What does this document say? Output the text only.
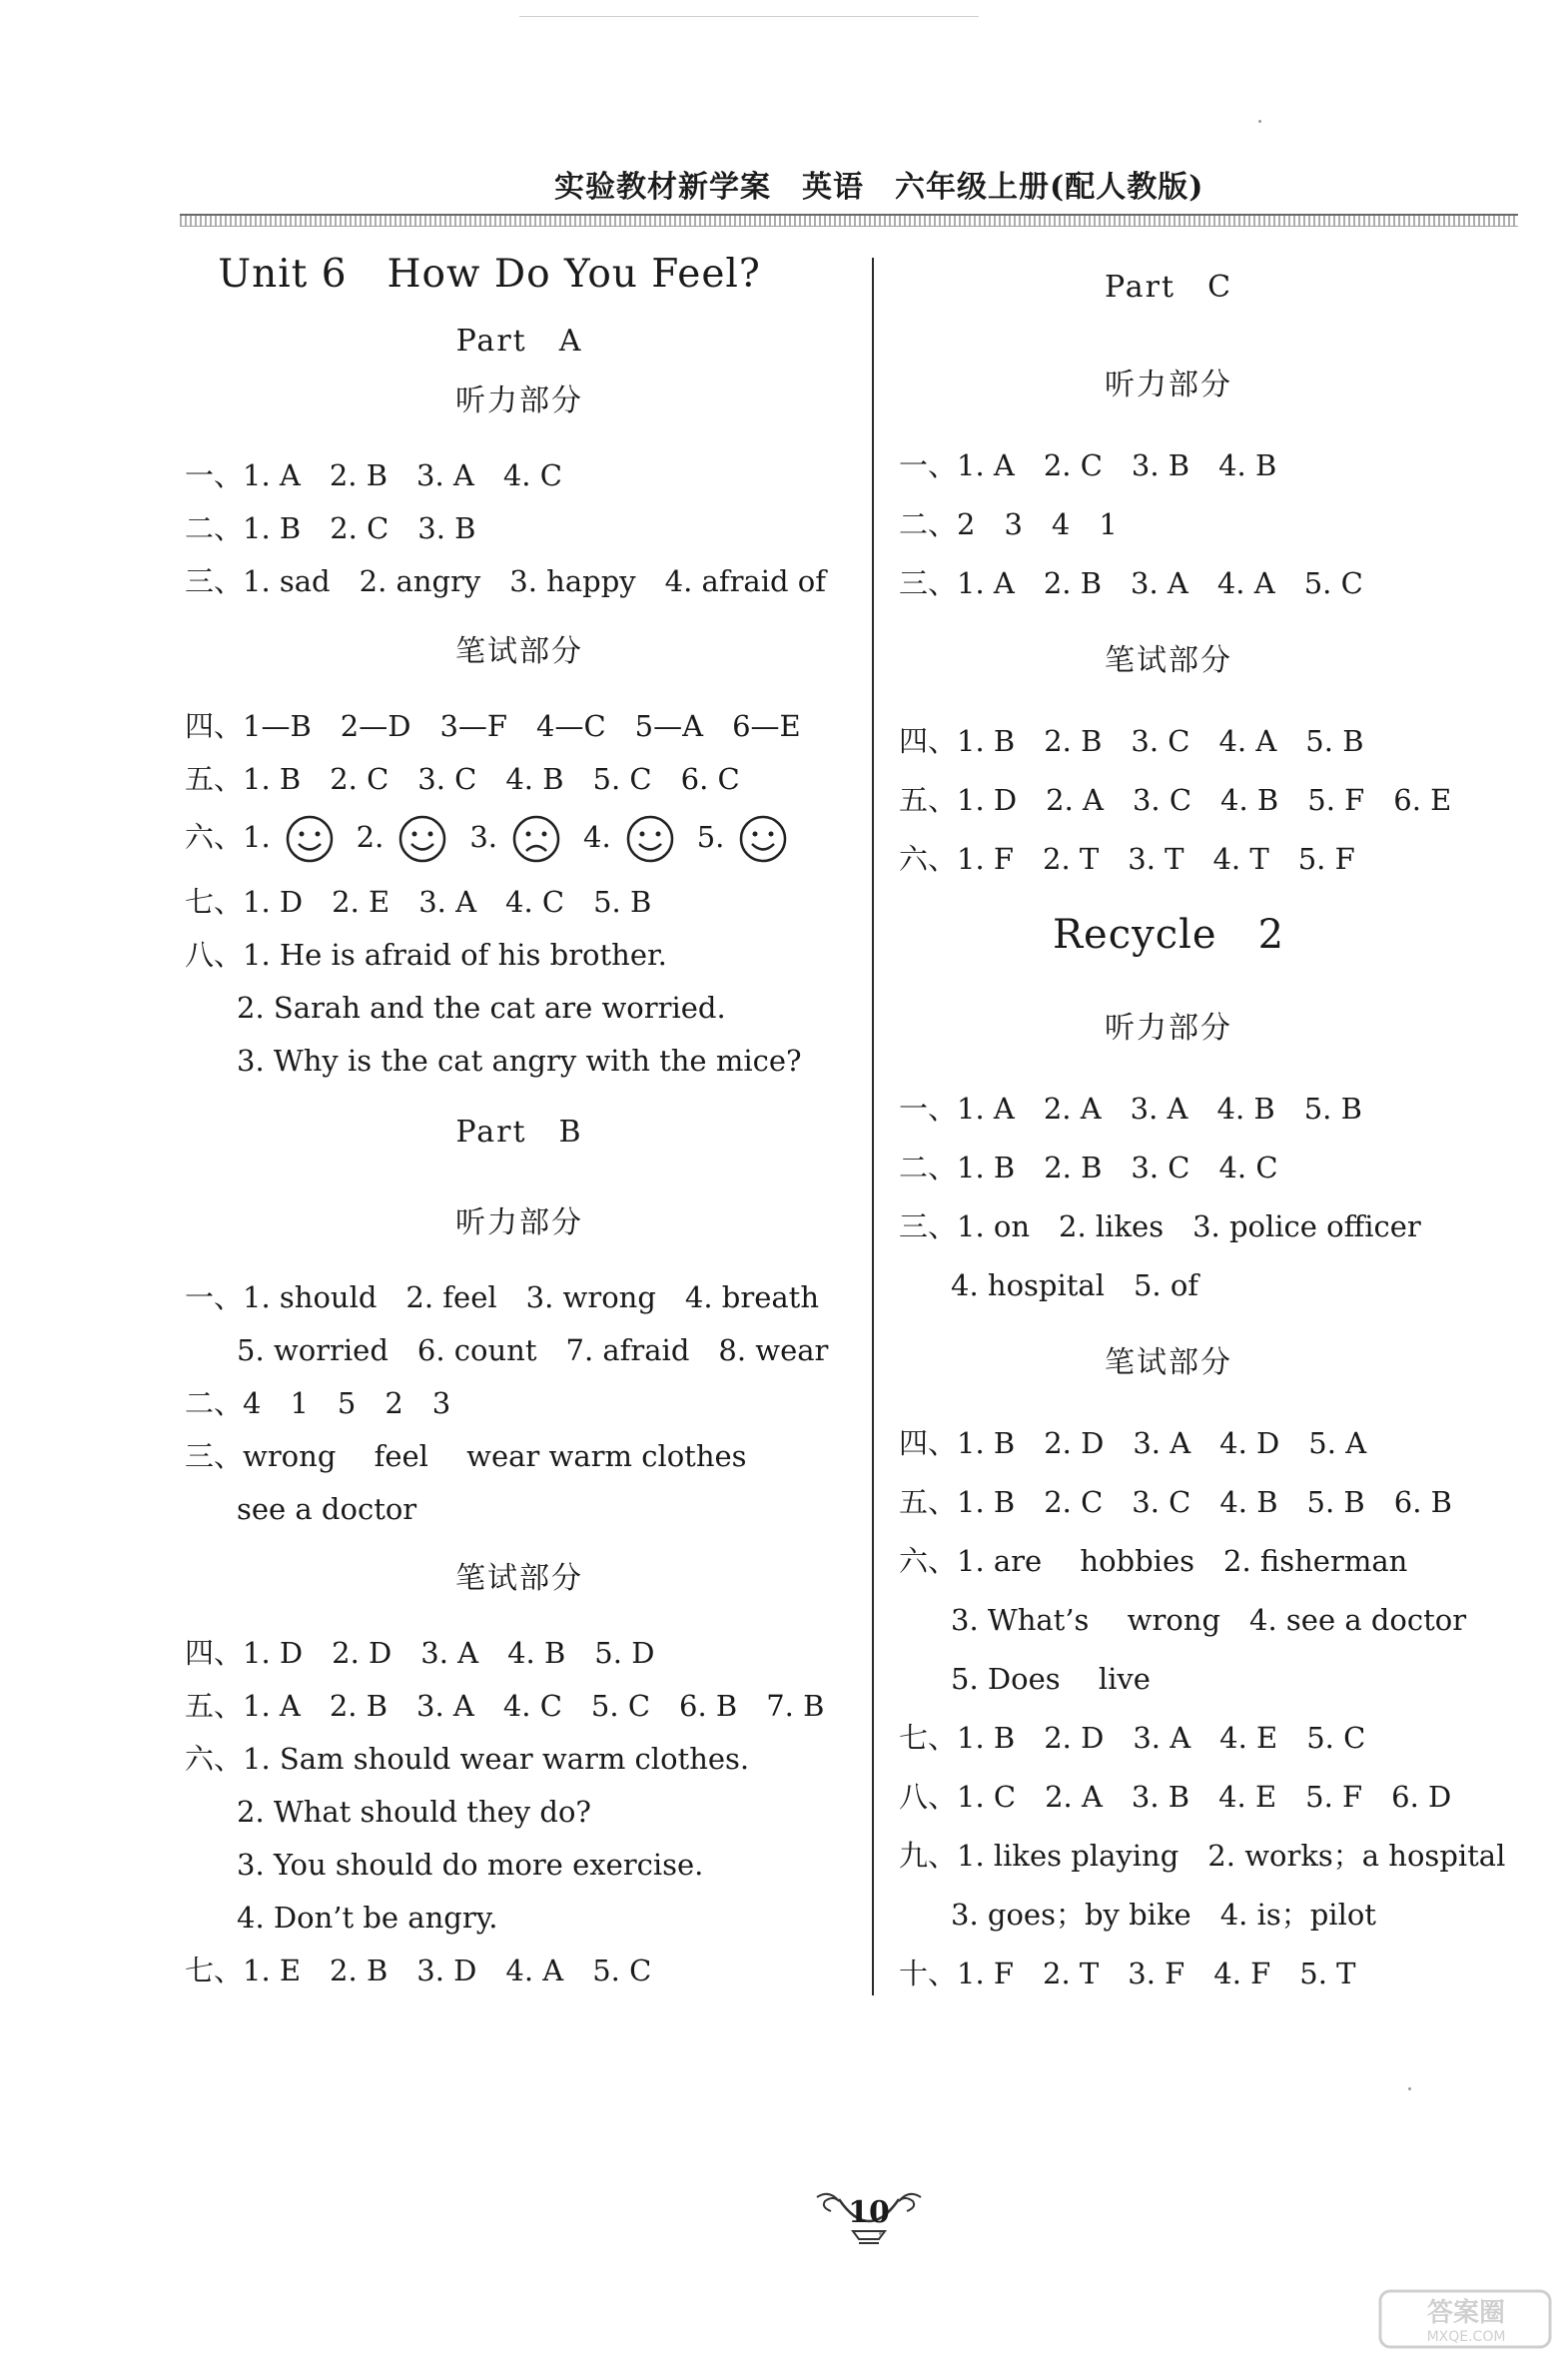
实验教材新学案　英语　六年级上册(配人教版)
Unit 6　How Do You Feel?
Part　A
听力部分
一、1. A　2. B　3. A　4. C
二、1. B　2. C　3. B
三、1. sad　2. angry　3. happy　4. afraid of
笔试部分
四、1—B　2—D　3—F　4—C　5—A　6—E
五、1. B　2. C　3. C　4. B　5. C　6. C
六、1.	2.	3.	4.	5.
七、1. D　2. E　3. A　4. C　5. B
八、1. He is afraid of his brother.
2. Sarah and the cat are worried.
3. Why is the cat angry with the mice?
Part　B
听力部分
一、1. should　2. feel　3. wrong　4. breath
5. worried　6. count　7. afraid　8. wear
二、4　1　5　2　3
三、wrong　 feel　 wear warm clothes
see a doctor
笔试部分
四、1. D　2. D　3. A　4. B　5. D
五、1. A　2. B　3. A　4. C　5. C　6. B　7. B
六、1. Sam should wear warm clothes.
2. What should they do?
3. You should do more exercise.
4. Don’t be angry.
七、1. E　2. B　3. D　4. A　5. C
Part　C
听力部分
一、1. A　2. C　3. B　4. B
二、2　3　4　1
三、1. A　2. B　3. A　4. A　5. C
笔试部分
四、1. B　2. B　3. C　4. A　5. B
五、1. D　2. A　3. C　4. B　5. F　6. E
六、1. F　2. T　3. T　4. T　5. F
Recycle　2
听力部分
一、1. A　2. A　3. A　4. B　5. B
二、1. B　2. B　3. C　4. C
三、1. on　2. likes　3. police officer
4. hospital　5. of
笔试部分
四、1. B　2. D　3. A　4. D　5. A
五、1. B　2. C　3. C　4. B　5. B　6. B
六、1. are　 hobbies　2. fisherman
3. What’s　 wrong　4. see a doctor
5. Does　 live
七、1. B　2. D　3. A　4. E　5. C
八、1. C　2. A　3. B　4. E　5. F　6. D
九、1. likes playing　2. works；a hospital
3. goes；by bike　4. is；pilot
十、1. F　2. T　3. F　4. F　5. T
10
答案圈
MXQE.COM
